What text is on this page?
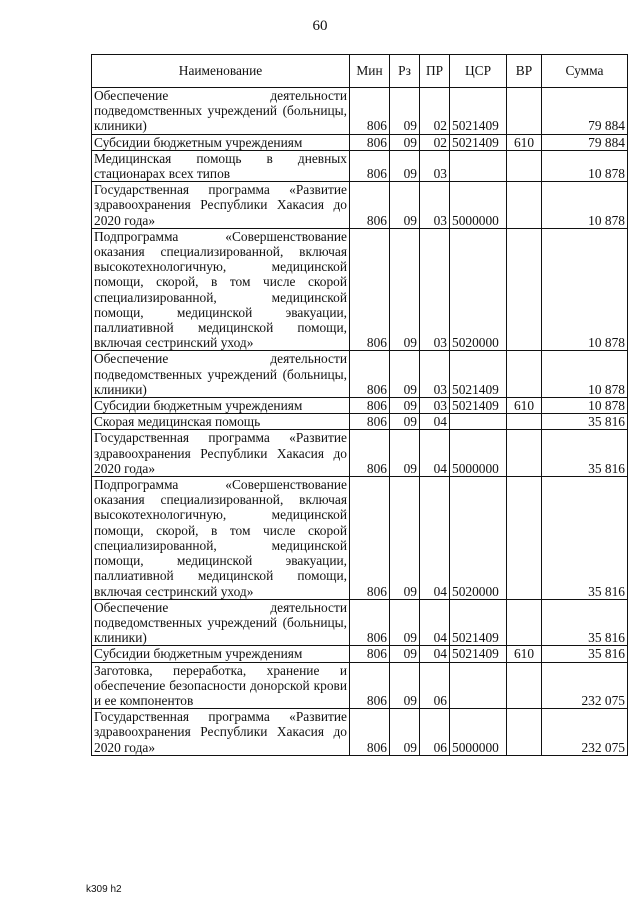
60
Наименование	Мин	Рз	ПР	ЦСР	ВР	Сумма
Обеспечение деятельности подведомственных учреждений (больницы, клиники)	806	09	02	5021409		79 884
Субсидии бюджетным учреждениям	806	09	02	5021409	610	79 884
Медицинская помощь в дневных стационарах всех типов	806	09	03			10 878
Государственная программа «Развитие здравоохранения Республики Хакасия до 2020 года»	806	09	03	5000000		10 878
Подпрограмма «Совершенствование оказания специализированной, включая высокотехнологичную, медицинской помощи, скорой, в том числе скорой специализированной, медицинской помощи, медицинской эвакуации, паллиативной медицинской помощи, включая сестринский уход»	806	09	03	5020000		10 878
Обеспечение деятельности подведомственных учреждений (больницы, клиники)	806	09	03	5021409		10 878
Субсидии бюджетным учреждениям	806	09	03	5021409	610	10 878
Скорая медицинская помощь	806	09	04			35 816
Государственная программа «Развитие здравоохранения Республики Хакасия до 2020 года»	806	09	04	5000000		35 816
Подпрограмма «Совершенствование оказания специализированной, включая высокотехнологичную, медицинской помощи, скорой, в том числе скорой специализированной, медицинской помощи, медицинской эвакуации, паллиативной медицинской помощи, включая сестринский уход»	806	09	04	5020000		35 816
Обеспечение деятельности подведомственных учреждений (больницы, клиники)	806	09	04	5021409		35 816
Субсидии бюджетным учреждениям	806	09	04	5021409	610	35 816
Заготовка, переработка, хранение и обеспечение безопасности донорской крови и ее компонентов	806	09	06			232 075
Государственная программа «Развитие здравоохранения Республики Хакасия до 2020 года»	806	09	06	5000000		232 075
k309 h2
